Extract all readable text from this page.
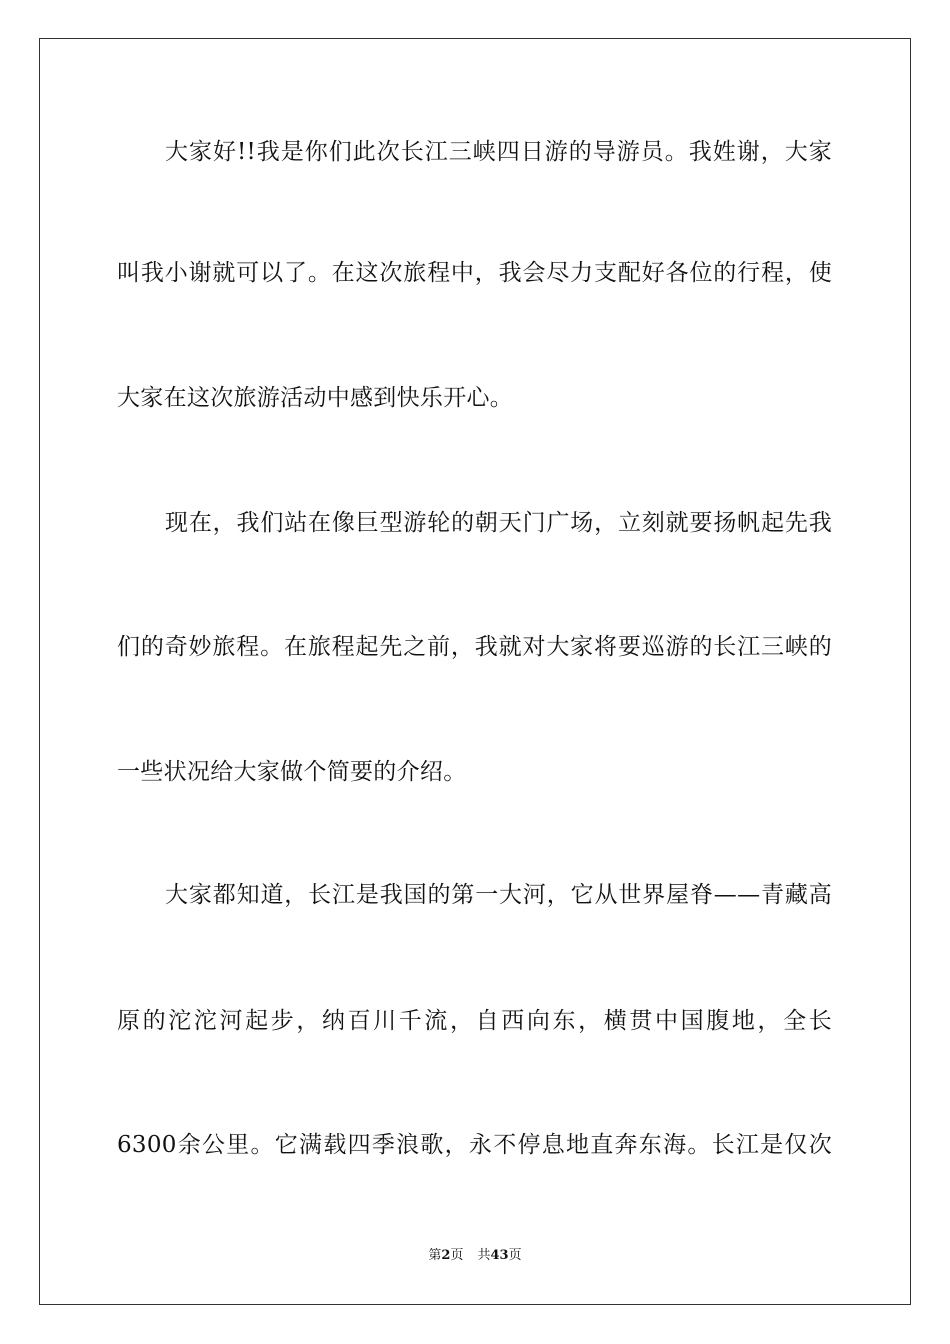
大家好!!我是你们此次长江三峡四日游的导游员。我姓谢，大家
叫我小谢就可以了。在这次旅程中，我会尽力支配好各位的行程，使
大家在这次旅游活动中感到快乐开心。
现在，我们站在像巨型游轮的朝天门广场，立刻就要扬帆起先我
们的奇妙旅程。在旅程起先之前，我就对大家将要巡游的长江三峡的
一些状况给大家做个简要的介绍。
大家都知道，长江是我国的第一大河，它从世界屋脊——青藏高
原的沱沱河起步，纳百川千流，自西向东，横贯中国腹地，全长
6300余公里。它满载四季浪歌，永不停息地直奔东海。长江是仅次
第2页 共43页
